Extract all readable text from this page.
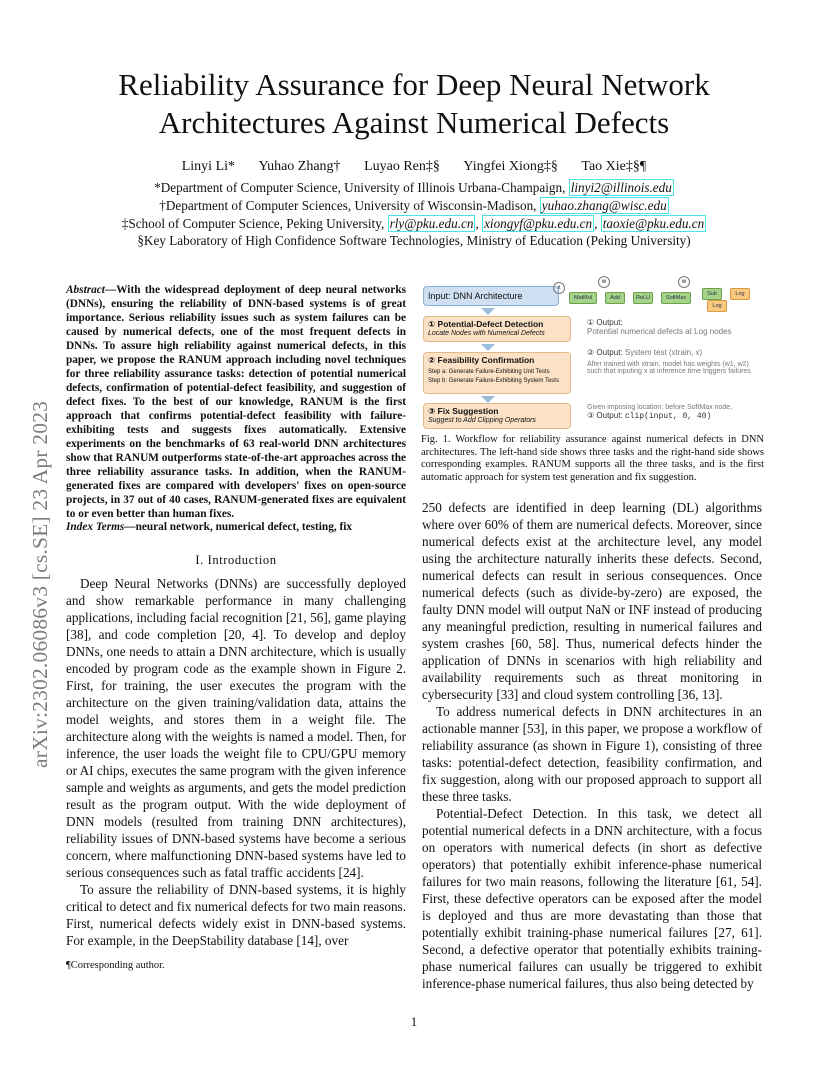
Reliability Assurance for Deep Neural Network Architectures Against Numerical Defects
Linyi Li* Yuhao Zhang† Luyao Ren‡§ Yingfei Xiong‡§ Tao Xie‡§¶
*Department of Computer Science, University of Illinois Urbana-Champaign, linyi2@illinois.edu
†Department of Computer Sciences, University of Wisconsin-Madison, yuhao.zhang@wisc.edu
‡School of Computer Science, Peking University, rly@pku.edu.cn , xiongyf@pku.edu.cn , taoxie@pku.edu.cn
§Key Laboratory of High Confidence Software Technologies, Ministry of Education (Peking University)
arXiv:2302.06086v3 [cs.SE] 23 Apr 2023
Abstract—With the widespread deployment of deep neural networks (DNNs), ensuring the reliability of DNN-based systems is of great importance. Serious reliability issues such as system failures can be caused by numerical defects, one of the most frequent defects in DNNs. To assure high reliability against numerical defects, in this paper, we propose the RANUM approach including novel techniques for three reliability assurance tasks: detection of potential numerical defects, confirmation of potential-defect feasibility, and suggestion of defect fixes. To the best of our knowledge, RANUM is the first approach that confirms potential-defect feasibility with failure-exhibiting tests and suggests fixes automatically. Extensive experiments on the benchmarks of 63 real-world DNN architectures show that RANUM outperforms state-of-the-art approaches across the three reliability assurance tasks. In addition, when the RANUM-generated fixes are compared with developers' fixes on open-source projects, in 37 out of 40 cases, RANUM-generated fixes are equivalent to or even better than human fixes.
Index Terms—neural network, numerical defect, testing, fix
I. Introduction

Deep Neural Networks (DNNs) are successfully deployed and show remarkable performance in many challenging applications, including facial recognition [21, 56], game playing [38], and code completion [20, 4]. To develop and deploy DNNs, one needs to attain a DNN architecture, which is usually encoded by program code as the example shown in Figure 2. First, for training, the user executes the program with the architecture on the given training/validation data, attains the model weights, and stores them in a weight file. The architecture along with the weights is named a model. Then, for inference, the user loads the weight file to CPU/GPU memory or AI chips, executes the same program with the given inference sample and weights as arguments, and gets the model prediction result as the program output. With the wide deployment of DNN models (resulted from training DNN architectures), reliability issues of DNN-based systems have become a serious concern, where malfunctioning DNN-based systems have led to serious consequences such as fatal traffic accidents [24].

To assure the reliability of DNN-based systems, it is highly critical to detect and fix numerical defects for two main reasons. First, numerical defects widely exist in DNN-based systems. For example, in the DeepStability database [14], over

¶Corresponding author.
Input: DNN Architecture
x
MatMul	Add	ReLU	SoftMax
Sub	Log
Log
w	w
① Potential-Defect Detection
Locate Nodes with Numerical Defects
② Feasibility Confirmation
Step a: Generate Failure-Exhibiting Unit Tests
Step b: Generate Failure-Exhibiting System Tests
③ Fix Suggestion
Suggest to Add Clipping Operators
① Output:
Potential numerical defects at Log nodes
② Output: System test (xtrain, x)
After trained with xtrain, model has weights (w1, w2) such that inputing x at inference time triggers failures
Given imposing location: before SoftMax node,
③ Output: clip(input, 0, 40)
Fig. 1. Workflow for reliability assurance against numerical defects in DNN architectures. The left-hand side shows three tasks and the right-hand side shows corresponding examples. RANUM supports all the three tasks, and is the first automatic approach for system test generation and fix suggestion.

250 defects are identified in deep learning (DL) algorithms where over 60% of them are numerical defects. Moreover, since numerical defects exist at the architecture level, any model using the architecture naturally inherits these defects. Second, numerical defects can result in serious consequences. Once numerical defects (such as divide-by-zero) are exposed, the faulty DNN model will output NaN or INF instead of producing any meaningful prediction, resulting in numerical failures and system crashes [60, 58]. Thus, numerical defects hinder the application of DNNs in scenarios with high reliability and availability requirements such as threat monitoring in cybersecurity [33] and cloud system controlling [36, 13].

To address numerical defects in DNN architectures in an actionable manner [53], in this paper, we propose a workflow of reliability assurance (as shown in Figure 1), consisting of three tasks: potential-defect detection, feasibility confirmation, and fix suggestion, along with our proposed approach to support all these three tasks.

Potential-Defect Detection. In this task, we detect all potential numerical defects in a DNN architecture, with a focus on operators with numerical defects (in short as defective operators) that potentially exhibit inference-phase numerical failures for two main reasons, following the literature [61, 54]. First, these defective operators can be exposed after the model is deployed and thus are more devastating than those that potentially exhibit training-phase numerical failures [27, 61]. Second, a defective operator that potentially exhibits training-phase numerical failures can usually be triggered to exhibit inference-phase numerical failures, thus also being detected by

1
